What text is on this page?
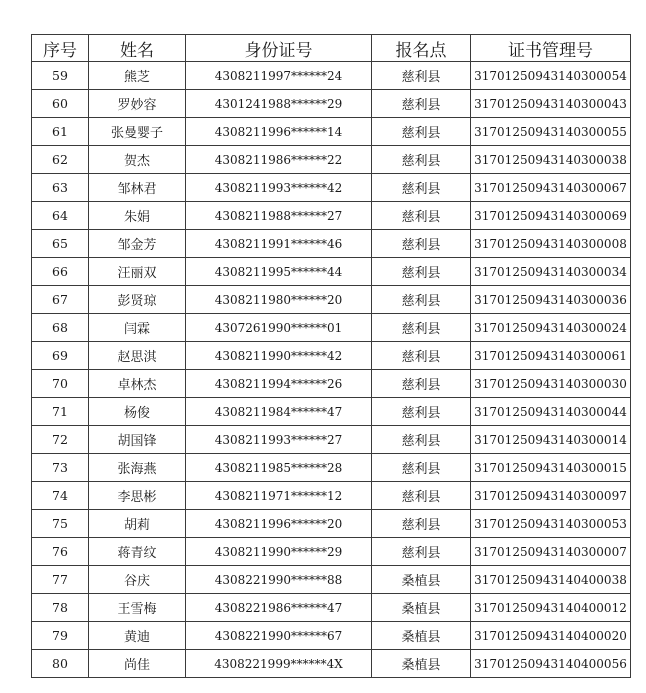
序号	姓名	身份证号	报名点	证书管理号
59	熊芝	4308211997******24	慈利县	31701250943140300054
60	罗妙容	4301241988******29	慈利县	31701250943140300043
61	张曼婴子	4308211996******14	慈利县	31701250943140300055
62	贺杰	4308211986******22	慈利县	31701250943140300038
63	邹林君	4308211993******42	慈利县	31701250943140300067
64	朱娟	4308211988******27	慈利县	31701250943140300069
65	邹金芳	4308211991******46	慈利县	31701250943140300008
66	汪丽双	4308211995******44	慈利县	31701250943140300034
67	彭贤琼	4308211980******20	慈利县	31701250943140300036
68	闫霖	4307261990******01	慈利县	31701250943140300024
69	赵思淇	4308211990******42	慈利县	31701250943140300061
70	卓林杰	4308211994******26	慈利县	31701250943140300030
71	杨俊	4308211984******47	慈利县	31701250943140300044
72	胡国锋	4308211993******27	慈利县	31701250943140300014
73	张海燕	4308211985******28	慈利县	31701250943140300015
74	李思彬	4308211971******12	慈利县	31701250943140300097
75	胡莉	4308211996******20	慈利县	31701250943140300053
76	蒋青纹	4308211990******29	慈利县	31701250943140300007
77	谷庆	4308221990******88	桑植县	31701250943140400038
78	王雪梅	4308221986******47	桑植县	31701250943140400012
79	黄迪	4308221990******67	桑植县	31701250943140400020
80	尚佳	4308221999******4X	桑植县	31701250943140400056
